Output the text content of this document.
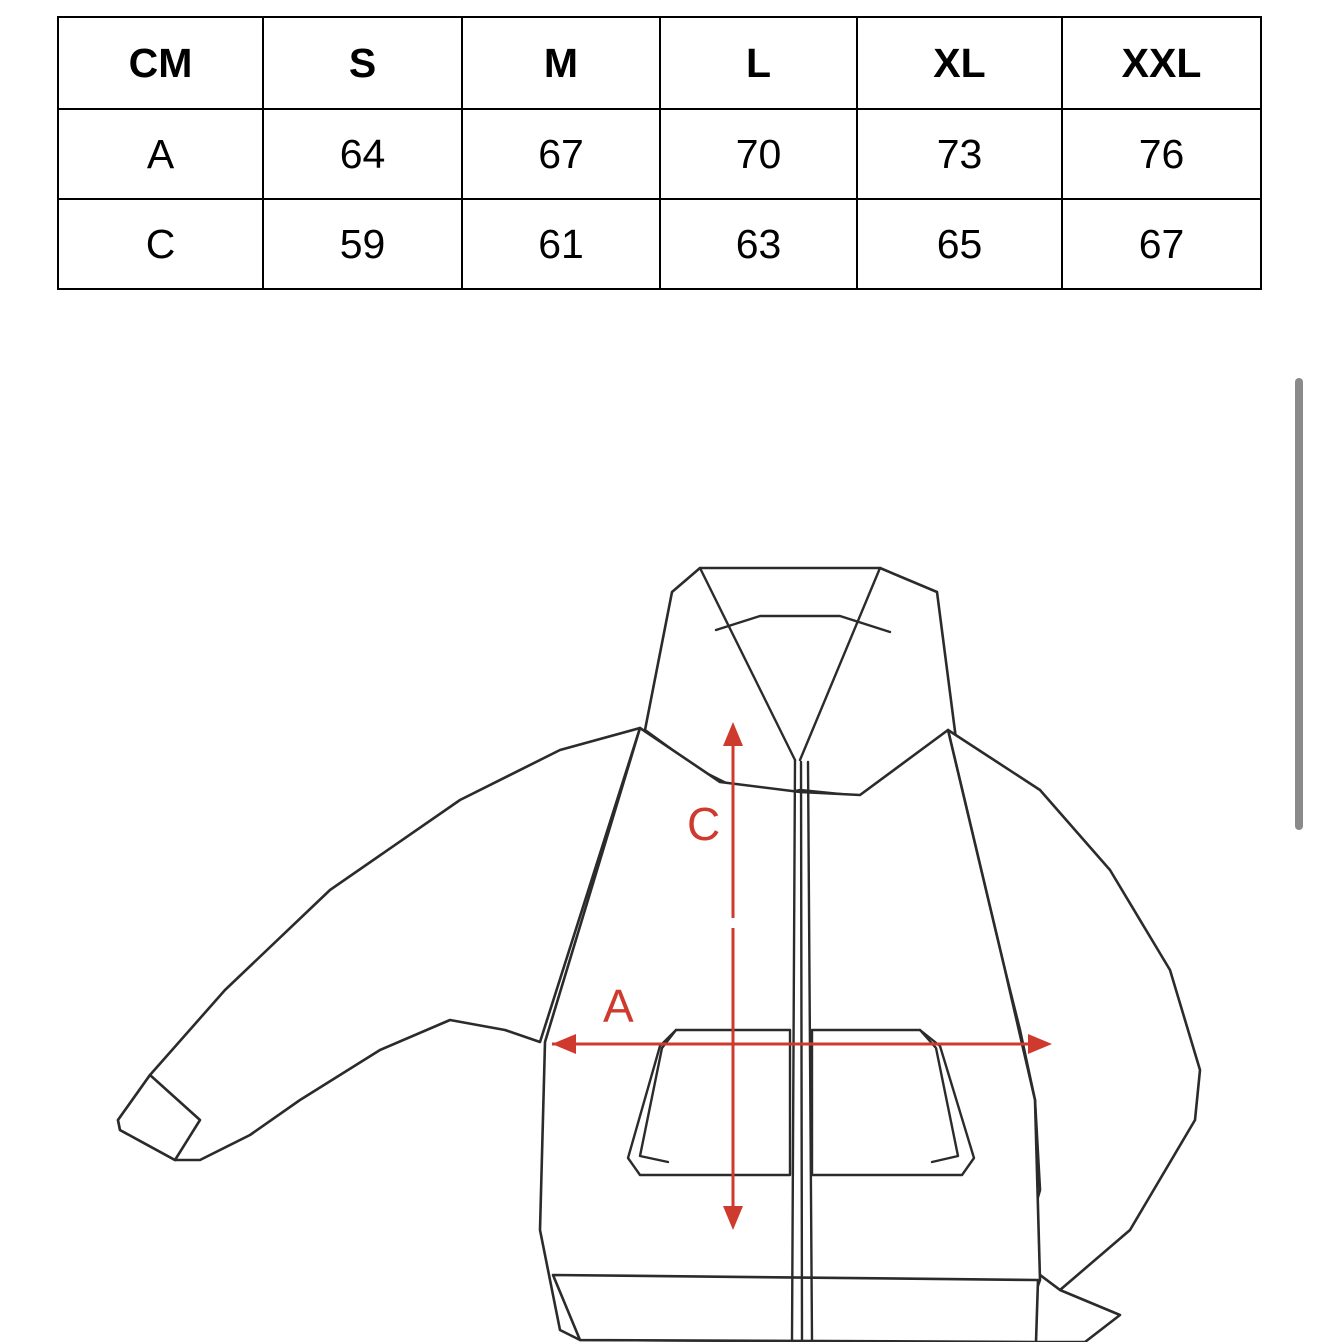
CM	S	M	L	XL	XXL
A	64	67	70	73	76
C	59	61	63	65	67
A
C
